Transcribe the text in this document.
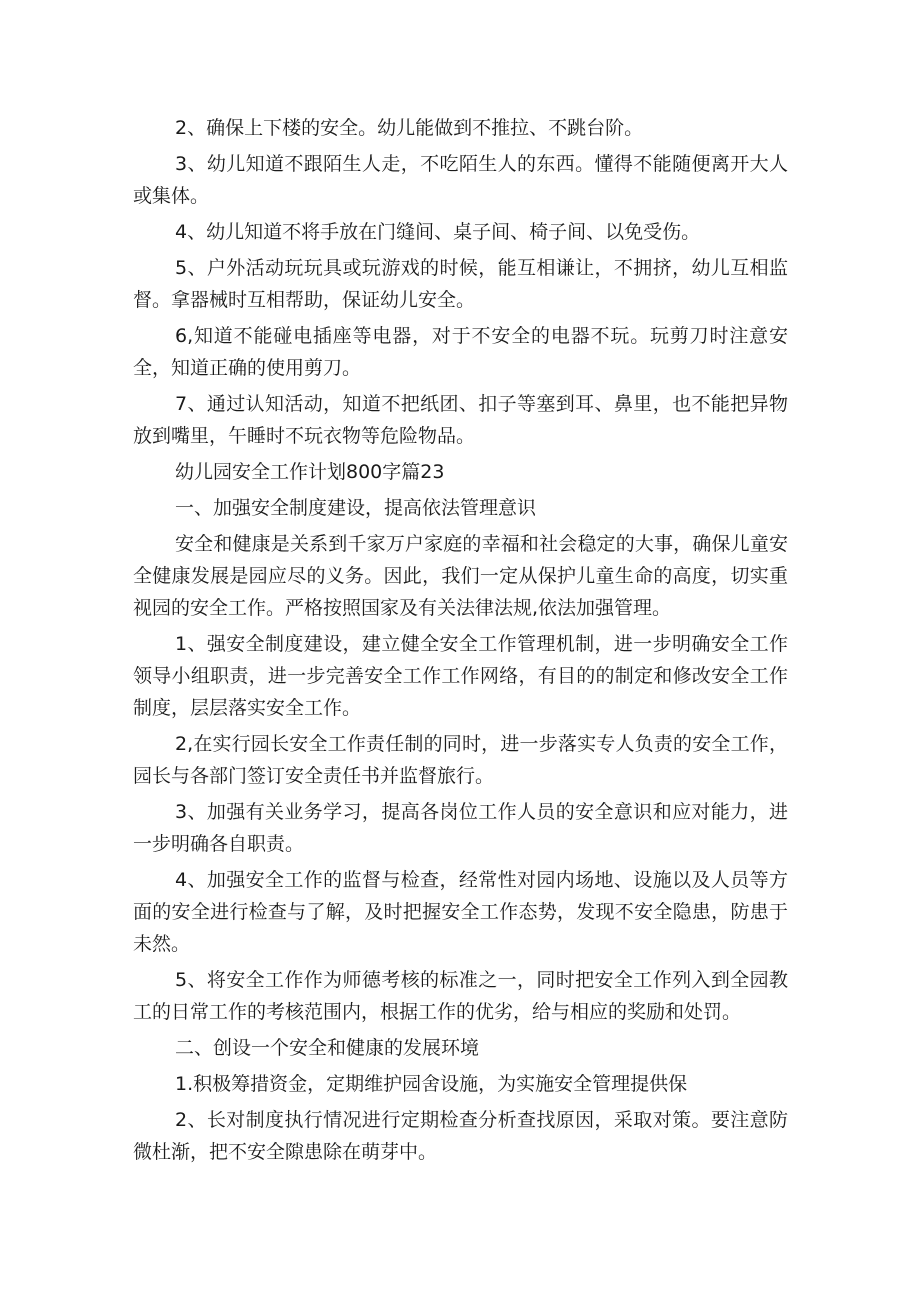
2、确保上下楼的安全。幼儿能做到不推拉、不跳台阶。

3、幼儿知道不跟陌生人走，不吃陌生人的东西。懂得不能随便离开大人或集体。

4、幼儿知道不将手放在门缝间、桌子间、椅子间、以免受伤。

5、户外活动玩玩具或玩游戏的时候，能互相谦让，不拥挤，幼儿互相监督。拿器械时互相帮助，保证幼儿安全。

6,知道不能碰电插座等电器，对于不安全的电器不玩。玩剪刀时注意安全，知道正确的使用剪刀。

7、通过认知活动，知道不把纸团、扣子等塞到耳、鼻里，也不能把异物放到嘴里，午睡时不玩衣物等危险物品。

幼儿园安全工作计划800字篇23

一、加强安全制度建设，提高依法管理意识

安全和健康是关系到千家万户家庭的幸福和社会稳定的大事，确保儿童安全健康发展是园应尽的义务。因此，我们一定从保护儿童生命的高度，切实重视园的安全工作。严格按照国家及有关法律法规,依法加强管理。

1、强安全制度建设，建立健全安全工作管理机制，进一步明确安全工作领导小组职责，进一步完善安全工作工作网络，有目的的制定和修改安全工作制度，层层落实安全工作。

2,在实行园长安全工作责任制的同时，进一步落实专人负责的安全工作，园长与各部门签订安全责任书并监督旅行。

3、加强有关业务学习，提高各岗位工作人员的安全意识和应对能力，进一步明确各自职责。

4、加强安全工作的监督与检查，经常性对园内场地、设施以及人员等方面的安全进行检查与了解，及时把握安全工作态势，发现不安全隐患，防患于未然。

5、将安全工作作为师德考核的标准之一，同时把安全工作列入到全园教工的日常工作的考核范围内，根据工作的优劣，给与相应的奖励和处罚。

二、创设一个安全和健康的发展环境

1.积极筹措资金，定期维护园舍设施，为实施安全管理提供保

2、长对制度执行情况进行定期检查分析查找原因，采取对策。要注意防微杜渐，把不安全隙患除在萌芽中。
